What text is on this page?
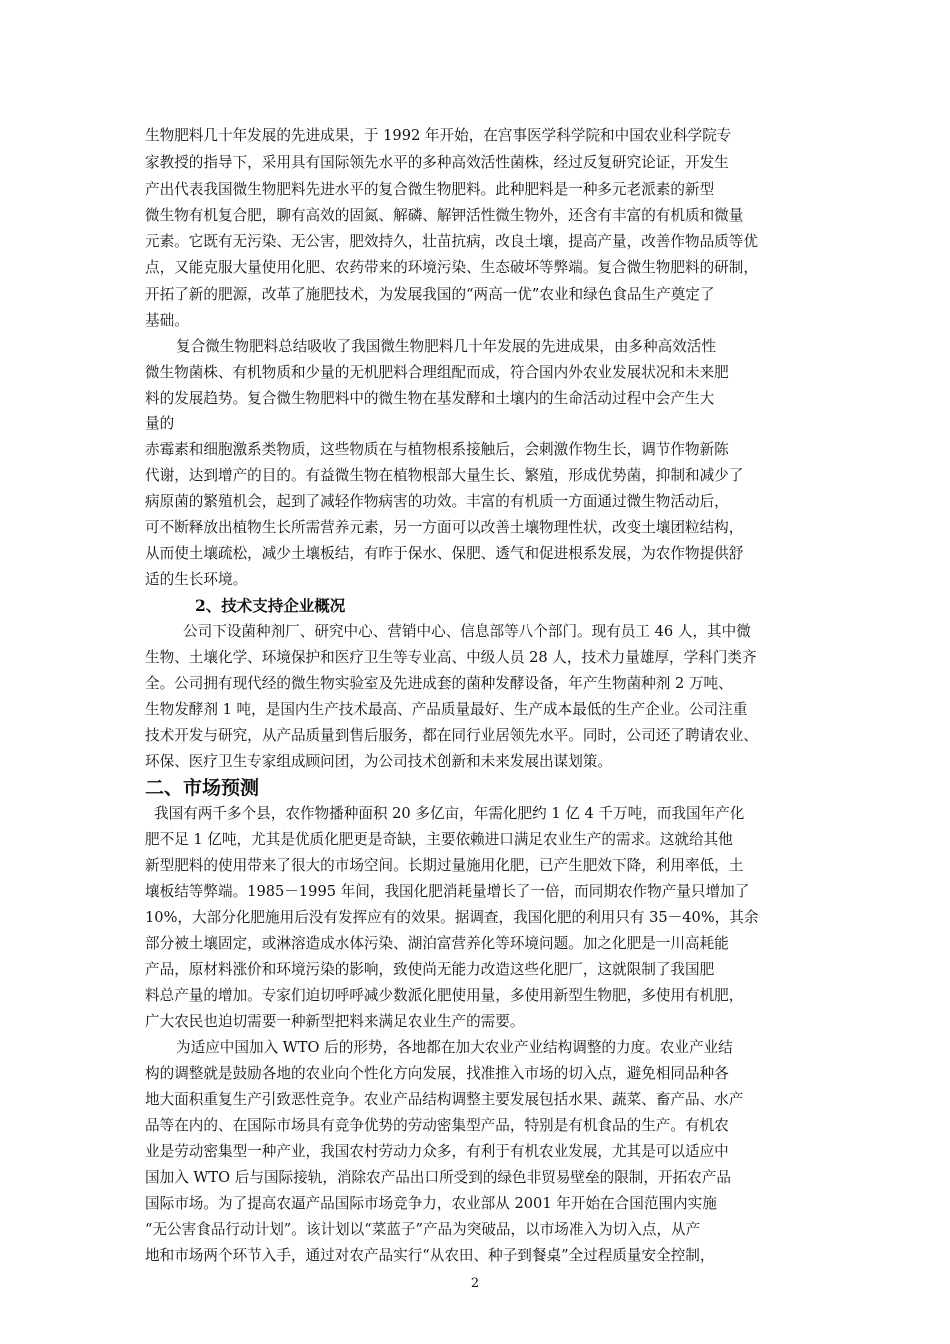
生物肥料几十年发展的先进成果，于 1992 年开始，在宫事医学科学院和中国农业科学院专
家教授的指导下，采用具有国际领先水平的多种高效活性菌株，经过反复研究论证，开发生
产出代表我国微生物肥料先进水平的复合微生物肥料。此种肥料是一种多元老派素的新型
微生物有机复合肥，聊有高效的固氮、解磷、解钾活性微生物外，还含有丰富的有机质和微量
元素。它既有无污染、无公害，肥效持久，壮苗抗病，改良土壤，提高产量，改善作物品质等优
点，又能克服大量使用化肥、农药带来的环境污染、生态破坏等弊端。复合微生物肥料的研制，
开拓了新的肥源，改革了施肥技术，为发展我国的“两高一优”农业和绿色食品生产奠定了
基础。
复合微生物肥料总结吸收了我国微生物肥料几十年发展的先进成果，由多种高效活性
微生物菌株、有机物质和少量的无机肥料合理组配而成，符合国内外农业发展状况和未来肥
料的发展趋势。复合微生物肥料中的微生物在基发酵和土壤内的生命活动过程中会产生大
量的
赤霉素和细胞激系类物质，这些物质在与植物根系接触后，会刺激作物生长，调节作物新陈
代谢，达到增产的目的。有益微生物在植物根部大量生长、繁殖，形成优势菌，抑制和减少了
病原菌的繁殖机会，起到了减轻作物病害的功效。丰富的有机质一方面通过微生物活动后，
可不断释放出植物生长所需营养元素，另一方面可以改善土壤物理性状，改变土壤团粒结构，
从而使土壤疏松，减少土壤板结，有昨于保水、保肥、透气和促进根系发展，为农作物提供舒
适的生长环境。
2、技术支持企业概况
公司下设菌种剂厂、研究中心、营销中心、信息部等八个部门。现有员工 46 人，其中微
生物、土壤化学、环境保护和医疗卫生等专业高、中级人员 28 人，技术力量雄厚，学科门类齐
全。公司拥有现代经的微生物实验室及先进成套的菌种发酵设备，年产生物菌种剂 2 万吨、
生物发酵剂 1 吨，是国内生产技术最高、产品质量最好、生产成本最低的生产企业。公司注重
技术开发与研究，从产品质量到售后服务，都在同行业居领先水平。同时，公司还了聘请农业、
环保、医疗卫生专家组成顾问团，为公司技术创新和未来发展出谋划策。
二、市场预测
我国有两千多个县，农作物播种面积 20 多亿亩，年需化肥约 1 亿 4 千万吨，而我国年产化
肥不足 1 亿吨，尤其是优质化肥更是奇缺，主要依赖进口满足农业生产的需求。这就给其他
新型肥料的使用带来了很大的市场空间。长期过量施用化肥，已产生肥效下降，利用率低，土
壤板结等弊端。1985－1995 年间，我国化肥消耗量增长了一倍，而同期农作物产量只增加了
10%，大部分化肥施用后没有发挥应有的效果。据调查，我国化肥的利用只有 35－40%，其余
部分被土壤固定，或淋溶造成水体污染、湖泊富营养化等环境问题。加之化肥是一川高耗能
产品，原材料涨价和环境污染的影响，致使尚无能力改造这些化肥厂，这就限制了我国肥
料总产量的增加。专家们迫切呼呼减少数派化肥使用量，多使用新型生物肥，多使用有机肥，
广大农民也迫切需要一种新型把料来满足农业生产的需要。
为适应中国加入 WTO 后的形势，各地都在加大农业产业结构调整的力度。农业产业结
构的调整就是鼓励各地的农业向个性化方向发展，找准推入市场的切入点，避免相同品种各
地大面积重复生产引致恶性竞争。农业产品结构调整主要发展包括水果、蔬菜、畜产品、水产
品等在内的、在国际市场具有竞争优势的劳动密集型产品，特别是有机食品的生产。有机农
业是劳动密集型一种产业，我国农村劳动力众多，有利于有机农业发展，尤其是可以适应中
国加入 WTO 后与国际接轨，消除农产品出口所受到的绿色非贸易壁垒的限制，开拓农产品
国际市场。为了提高农逼产品国际市场竞争力，农业部从 2001 年开始在合国范围内实施
“无公害食品行动计划”。该计划以“菜蓝子”产品为突破品，以市场准入为切入点，从产
地和市场两个环节入手，通过对农产品实行“从农田、种子到餐桌”全过程质量安全控制，
2
